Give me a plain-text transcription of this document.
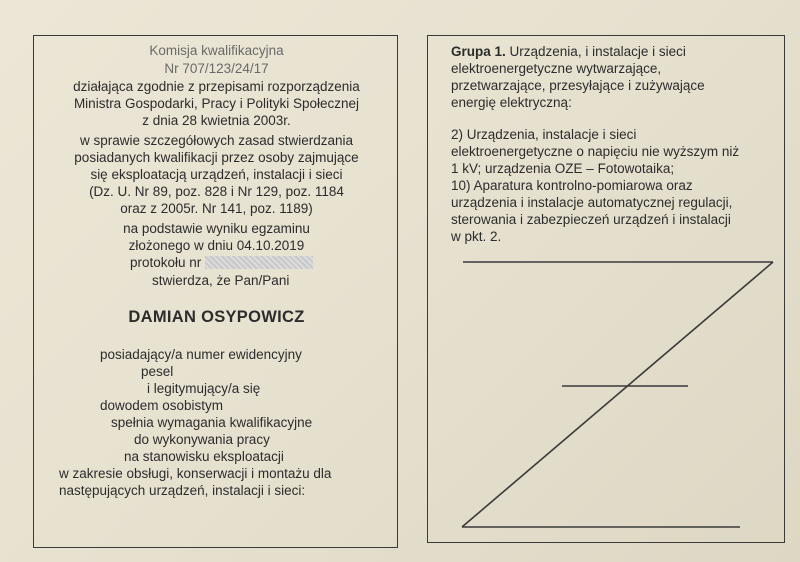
Komisja kwalifikacyjna
Nr 707/123/24/17
działająca zgodnie z przepisami rozporządzenia
Ministra Gospodarki, Pracy i Polityki Społecznej
z dnia 28 kwietnia 2003r.
w sprawie szczegółowych zasad stwierdzania
posiadanych kwalifikacji przez osoby zajmujące
się eksploatacją urządzeń, instalacji i sieci
(Dz. U. Nr 89, poz. 828 i Nr 129, poz. 1184
oraz z 2005r. Nr 141, poz. 1189)
na podstawie wyniku egzaminu
złożonego w dniu 04.10.2019
protokołu nr
stwierdza, że Pan/Pani
DAMIAN OSYPOWICZ
posiadający/a numer ewidencyjny
pesel
i legitymujący/a się
dowodem osobistym
spełnia wymagania kwalifikacyjne
do wykonywania pracy
na stanowisku eksploatacji
w zakresie obsługi, konserwacji i montażu dla
następujących urządzeń, instalacji i sieci:
Grupa 1. Urządzenia, i instalacje i sieci
elektroenergetyczne wytwarzające,
przetwarzające, przesyłające i zużywające
energię elektryczną:
2) Urządzenia, instalacje i sieci
elektroenergetyczne o napięciu nie wyższym niż
1 kV; urządzenia OZE – Fotowotaika;
10) Aparatura kontrolno-pomiarowa oraz
urządzenia i instalacje automatycznej regulacji,
sterowania i zabezpieczeń urządzeń i instalacji
w pkt. 2.
